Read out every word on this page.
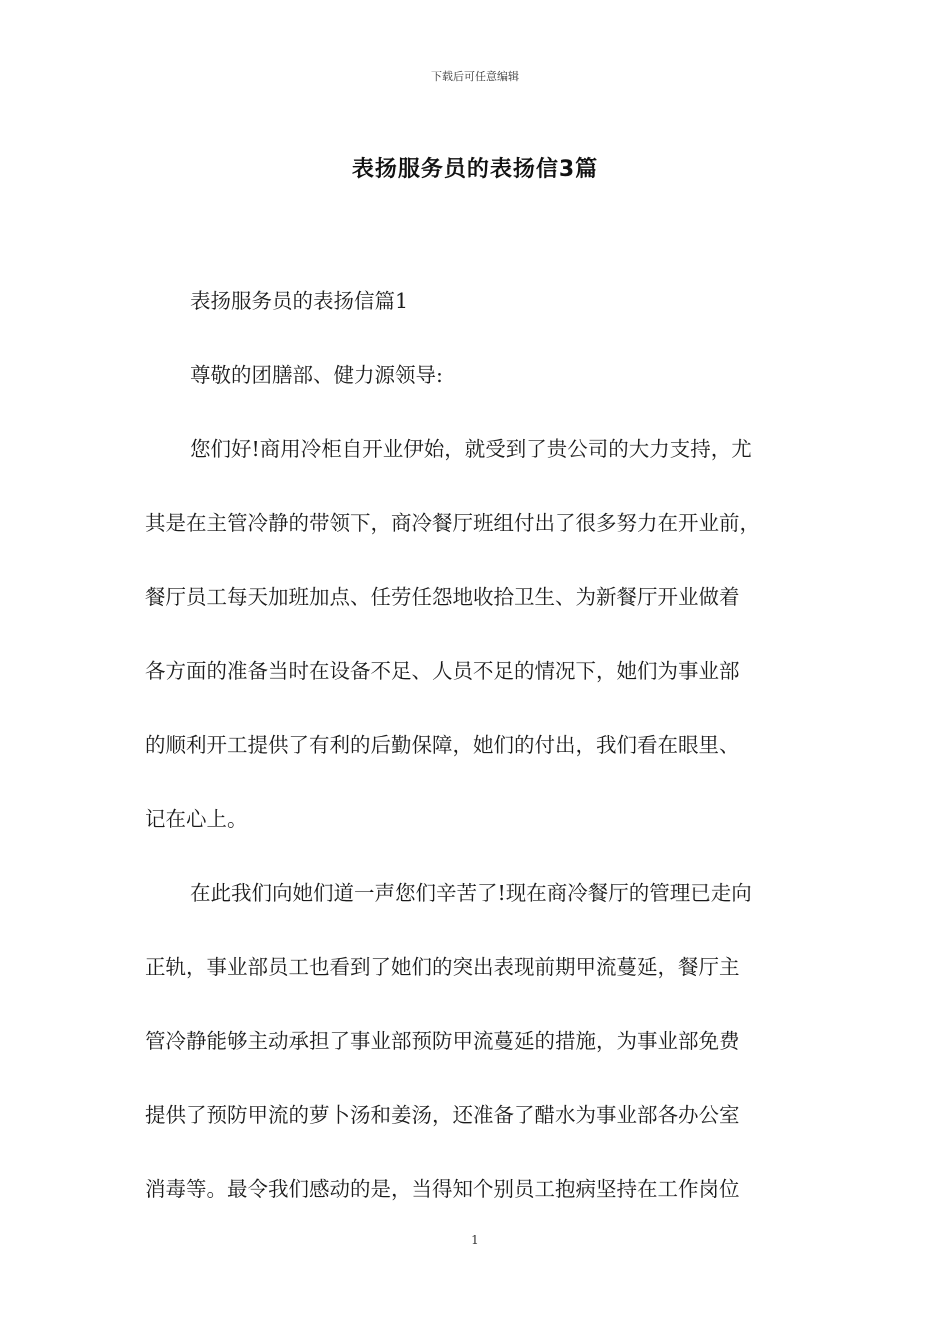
下载后可任意编辑
表扬服务员的表扬信3篇

表扬服务员的表扬信篇1

尊敬的团膳部、健力源领导:

您们好!商用冷柜自开业伊始，就受到了贵公司的大力支持，尤
其是在主管冷静的带领下，商冷餐厅班组付出了很多努力在开业前，
餐厅员工每天加班加点、任劳任怨地收拾卫生、为新餐厅开业做着
各方面的准备当时在设备不足、人员不足的情况下，她们为事业部
的顺利开工提供了有利的后勤保障，她们的付出，我们看在眼里、
记在心上。

在此我们向她们道一声您们辛苦了!现在商冷餐厅的管理已走向
正轨，事业部员工也看到了她们的突出表现前期甲流蔓延，餐厅主
管冷静能够主动承担了事业部预防甲流蔓延的措施，为事业部免费
提供了预防甲流的萝卜汤和姜汤，还准备了醋水为事业部各办公室
消毒等。最令我们感动的是，当得知个别员工抱病坚持在工作岗位

1
